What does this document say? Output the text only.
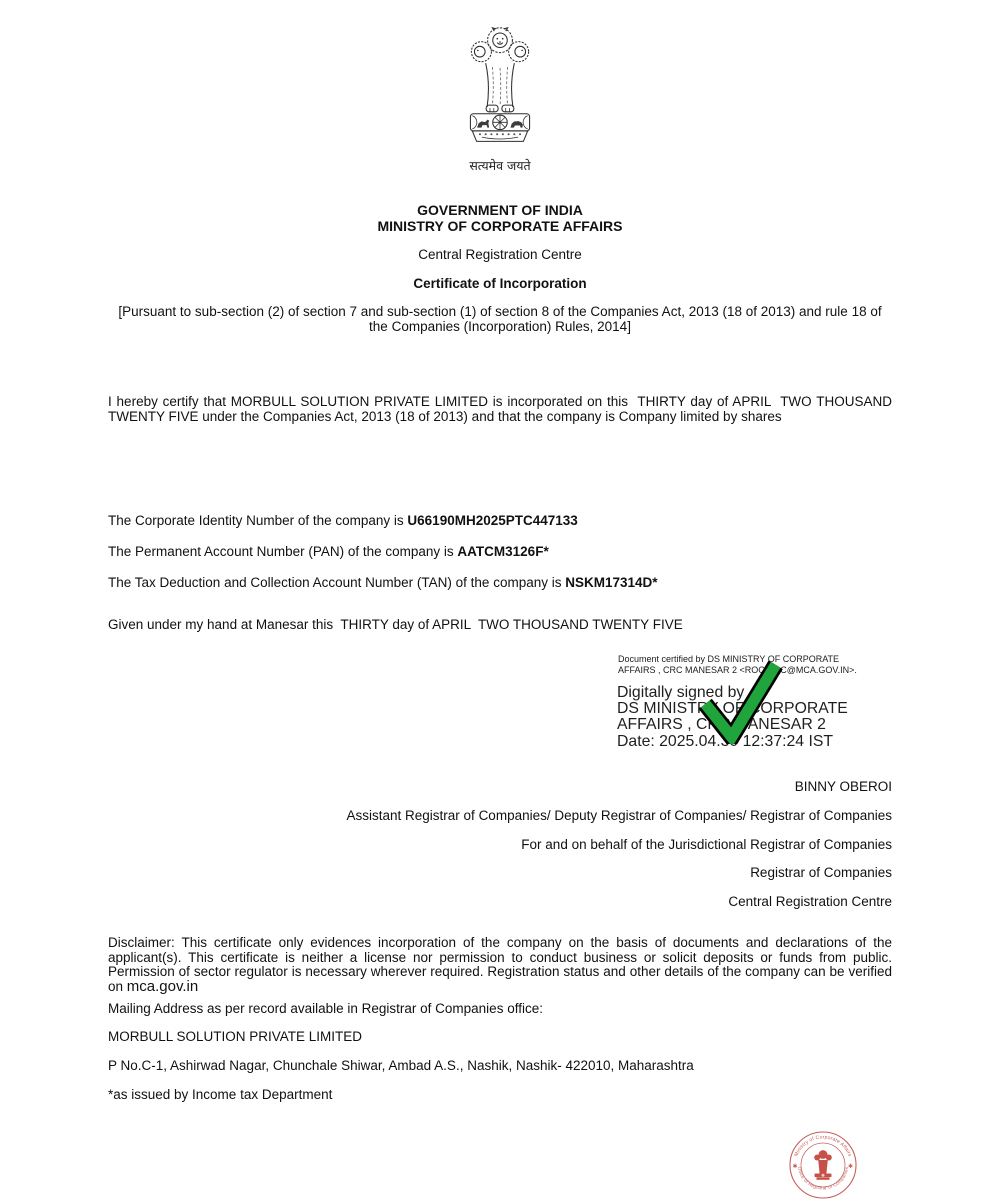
सत्यमेव जयते
GOVERNMENT OF INDIA
MINISTRY OF CORPORATE AFFAIRS
Central Registration Centre
Certificate of Incorporation
[Pursuant to sub-section (2) of section 7 and sub-section (1) of section 8 of the Companies Act, 2013 (18 of 2013) and rule 18 of the Companies (Incorporation) Rules, 2014]
I hereby certify that MORBULL SOLUTION PRIVATE LIMITED is incorporated on this  THIRTY day of APRIL  TWO THOUSAND TWENTY FIVE under the Companies Act, 2013 (18 of 2013) and that the company is Company limited by shares
The Corporate Identity Number of the company is U66190MH2025PTC447133
The Permanent Account Number (PAN) of the company is AATCM3126F*
The Tax Deduction and Collection Account Number (TAN) of the company is NSKM17314D*
Given under my hand at Manesar this  THIRTY day of APRIL  TWO THOUSAND TWENTY FIVE
Document certified by DS MINISTRY OF CORPORATE
AFFAIRS , CRC MANESAR 2 <ROC.CRC@MCA.GOV.IN>.
Digitally signed by
DS MINISTRY OF CORPORATE
AFFAIRS , CRC MANESAR 2
Date: 2025.04.30 12:37:24 IST
BINNY OBEROI
Assistant Registrar of Companies/ Deputy Registrar of Companies/ Registrar of Companies
For and on behalf of the Jurisdictional Registrar of Companies
Registrar of Companies
Central Registration Centre

Disclaimer: This certificate only evidences incorporation of the company on the basis of documents and declarations of the applicant(s). This certificate is neither a license nor permission to conduct business or solicit deposits or funds from public. Permission of sector regulator is necessary wherever required. Registration status and other details of the company can be verified on mca.gov.in

Mailing Address as per record available in Registrar of Companies office:
MORBULL SOLUTION PRIVATE LIMITED
P No.C-1, Ashirwad Nagar, Chunchale Shiwar, Ambad A.S., Nashik, Nashik- 422010, Maharashtra
*as issued by Income tax Department
Ministry of Corporate Affairs
Office of Registrar of Companies
✱	✱
